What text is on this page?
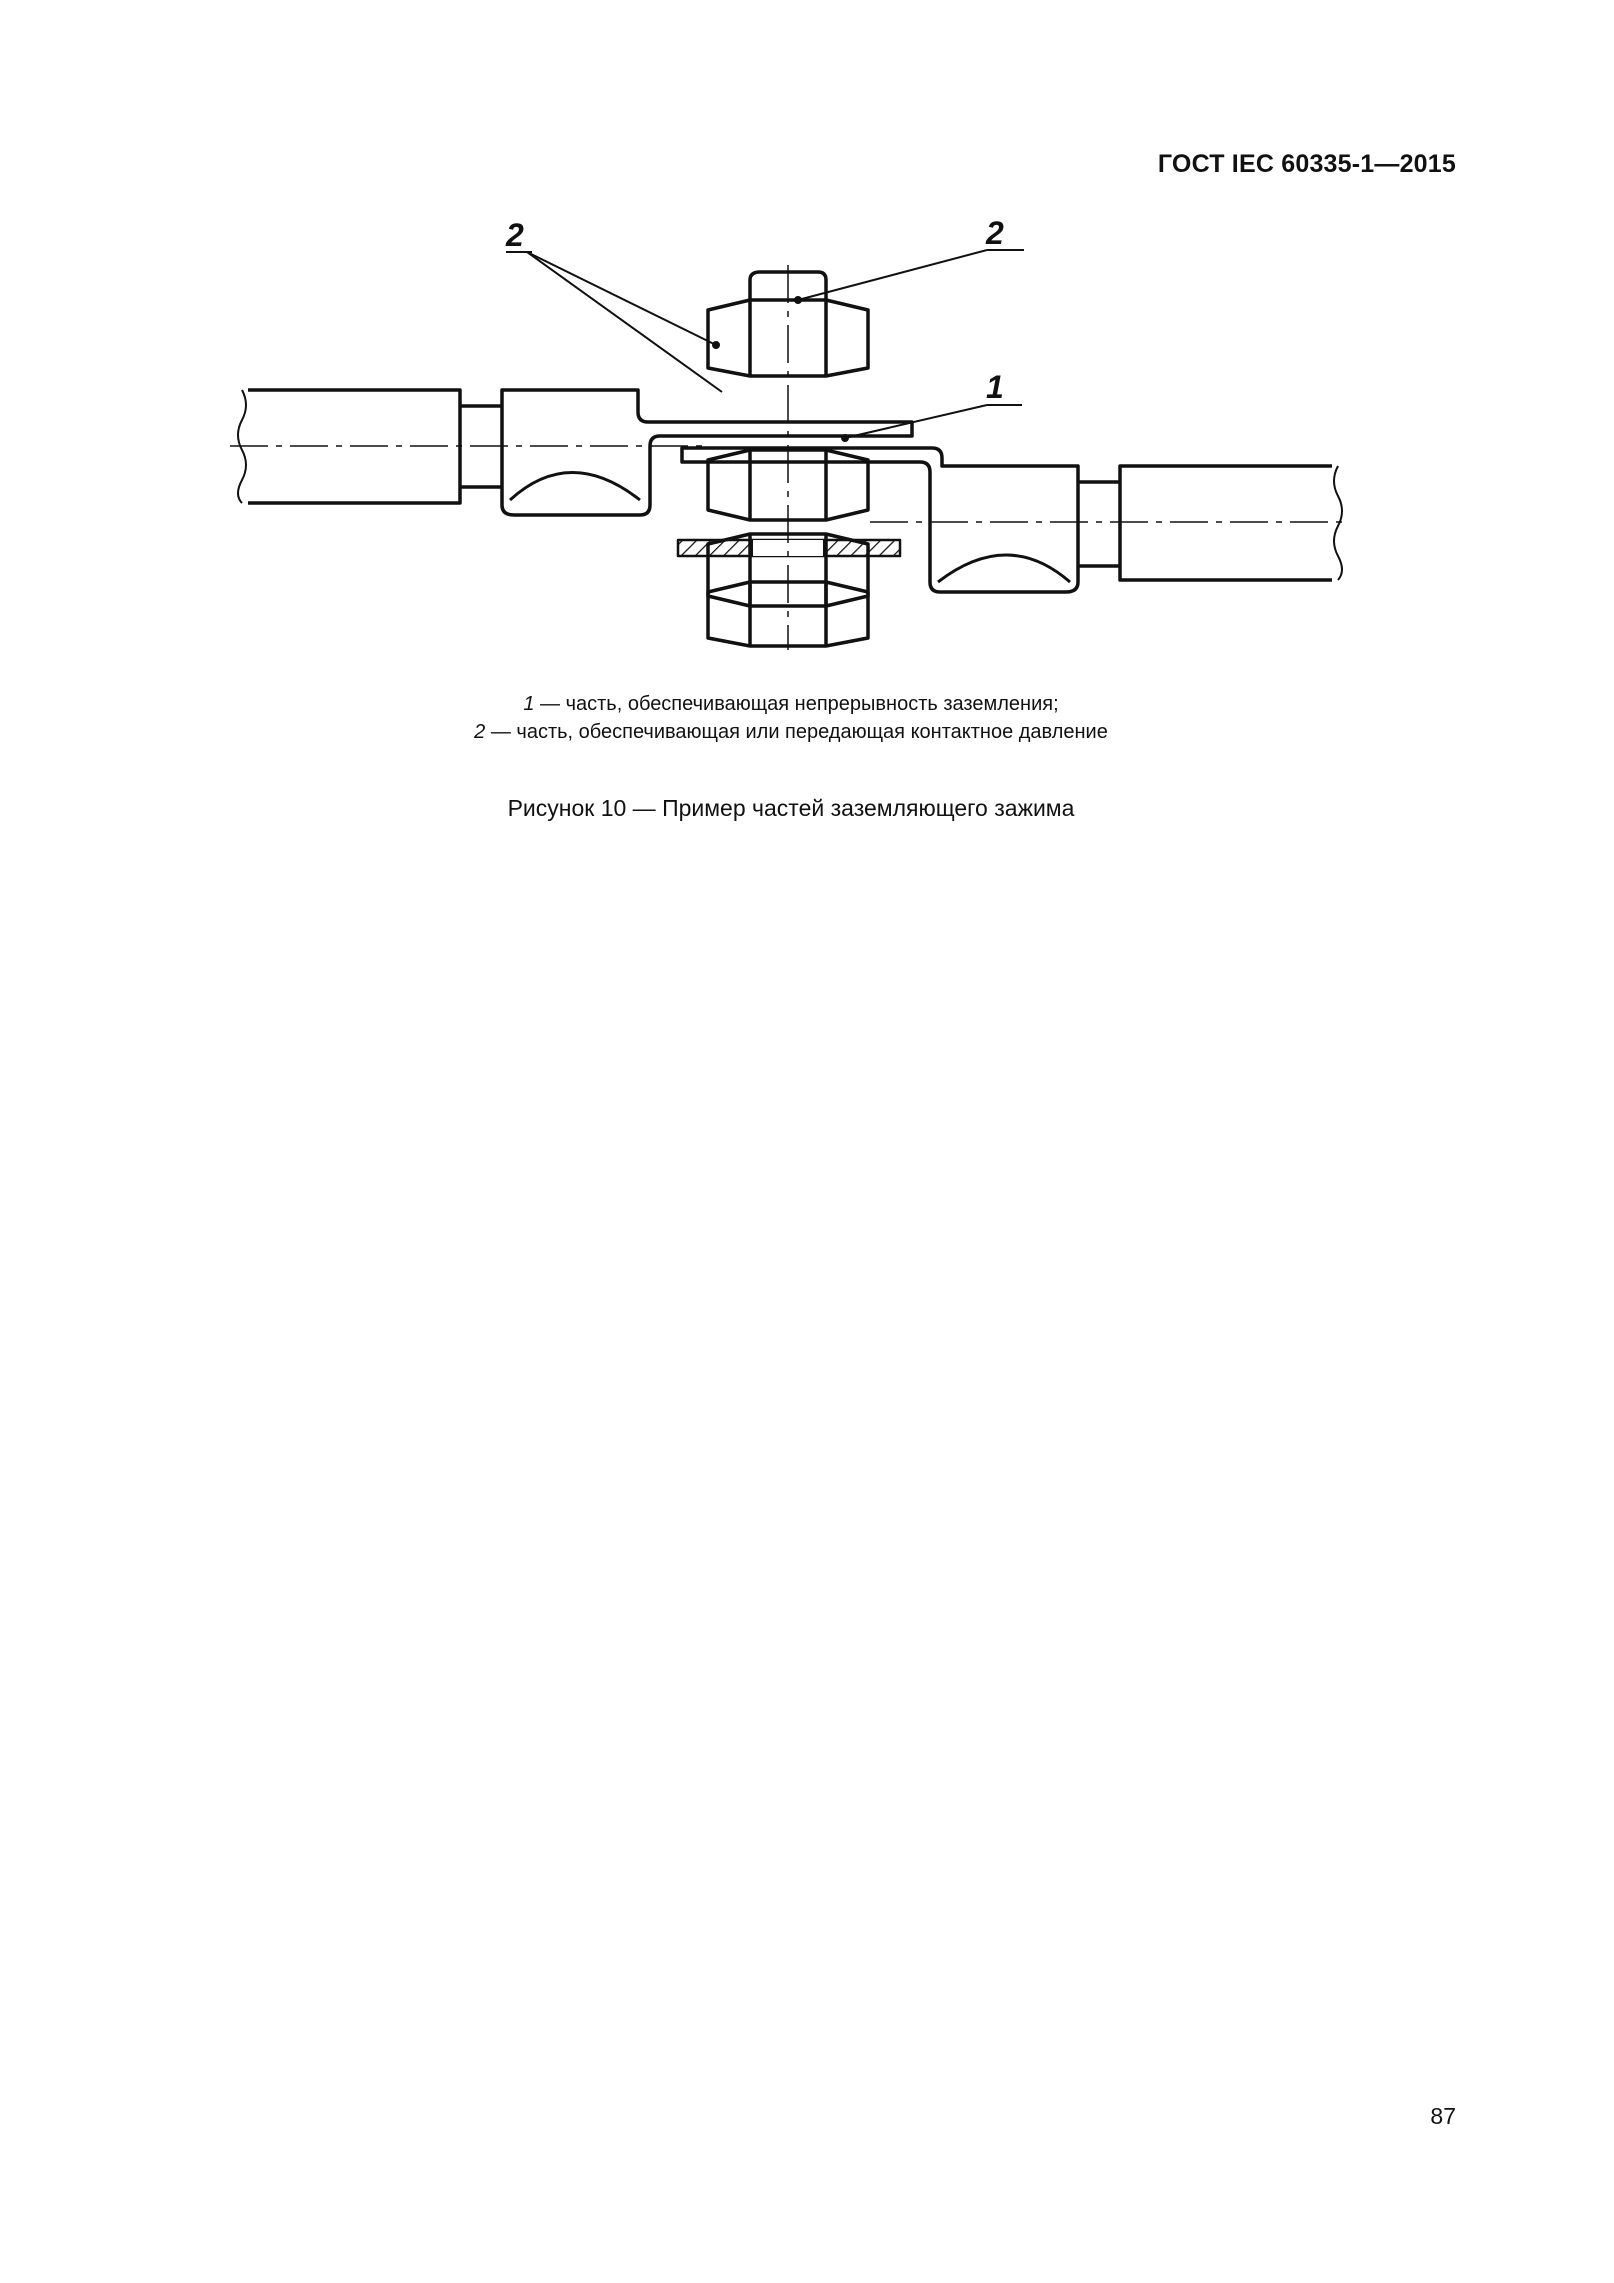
ГОСТ IEC 60335-1—2015
2	2
1
1 — часть, обеспечивающая непрерывность заземления;
2 — часть, обеспечивающая или передающая контактное давление
Рисунок 10 — Пример частей заземляющего зажима
87
